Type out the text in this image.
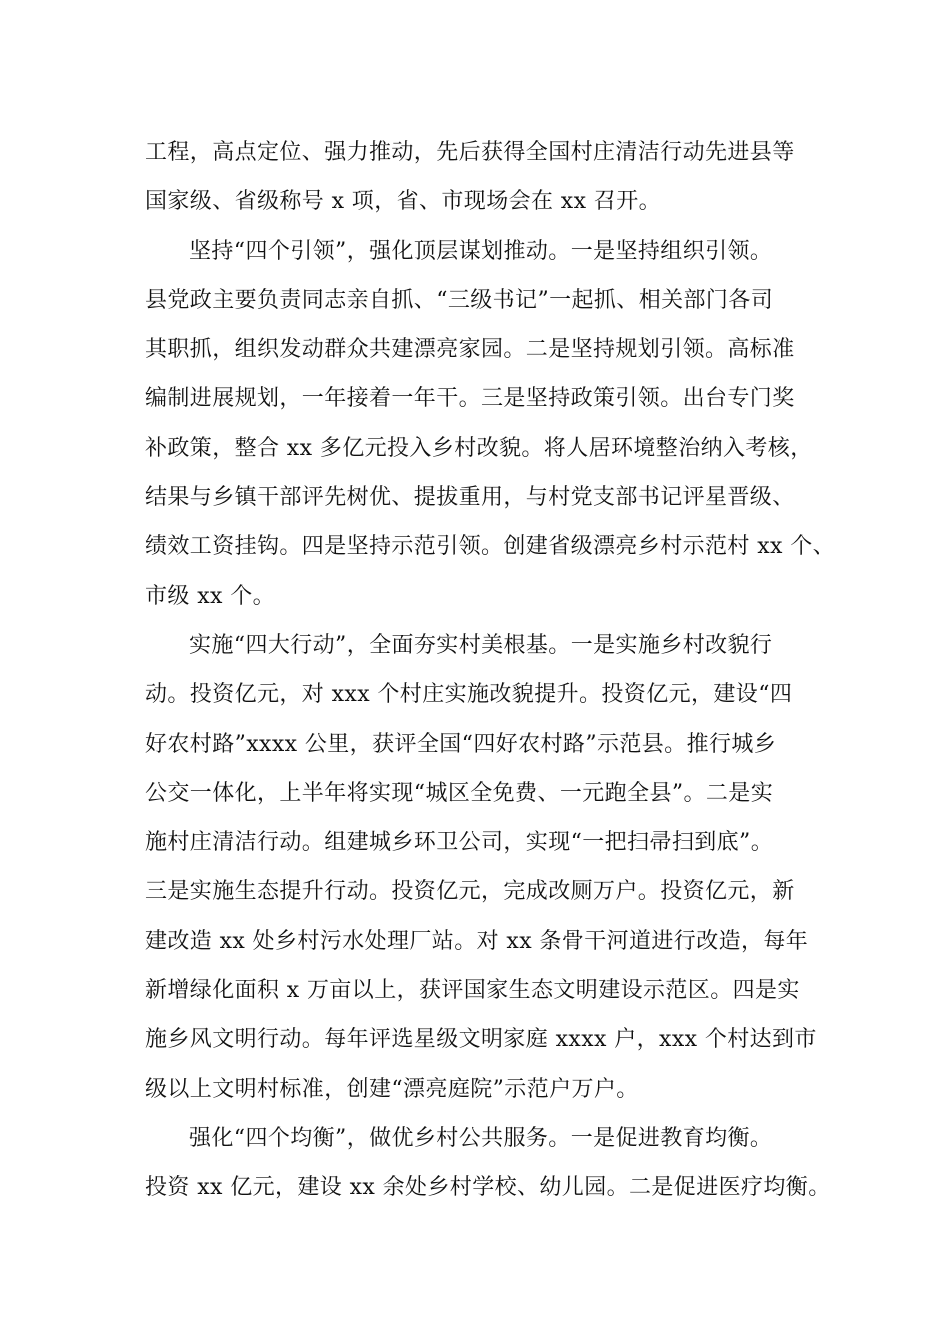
工程，高点定位、强力推动，先后获得全国村庄清洁行动先进县等
国家级、省级称号 x 项，省、市现场会在 xx 召开。
坚持“四个引领”，强化顶层谋划推动。一是坚持组织引领。
县党政主要负责同志亲自抓、“三级书记”一起抓、相关部门各司
其职抓，组织发动群众共建漂亮家园。二是坚持规划引领。高标准
编制进展规划，一年接着一年干。三是坚持政策引领。出台专门奖
补政策，整合 xx 多亿元投入乡村改貌。将人居环境整治纳入考核，
结果与乡镇干部评先树优、提拔重用，与村党支部书记评星晋级、
绩效工资挂钩。四是坚持示范引领。创建省级漂亮乡村示范村 xx 个、
市级 xx 个。
实施“四大行动”，全面夯实村美根基。一是实施乡村改貌行
动。投资亿元，对 xxx 个村庄实施改貌提升。投资亿元，建设“四
好农村路”xxxx 公里，获评全国“四好农村路”示范县。推行城乡
公交一体化，上半年将实现“城区全免费、一元跑全县”。二是实
施村庄清洁行动。组建城乡环卫公司，实现“一把扫帚扫到底”。
三是实施生态提升行动。投资亿元，完成改厕万户。投资亿元，新
建改造 xx 处乡村污水处理厂站。对 xx 条骨干河道进行改造，每年
新增绿化面积 x 万亩以上，获评国家生态文明建设示范区。四是实
施乡风文明行动。每年评选星级文明家庭 xxxx 户，xxx 个村达到市
级以上文明村标准，创建“漂亮庭院”示范户万户。
强化“四个均衡”，做优乡村公共服务。一是促进教育均衡。
投资 xx 亿元，建设 xx 余处乡村学校、幼儿园。二是促进医疗均衡。
